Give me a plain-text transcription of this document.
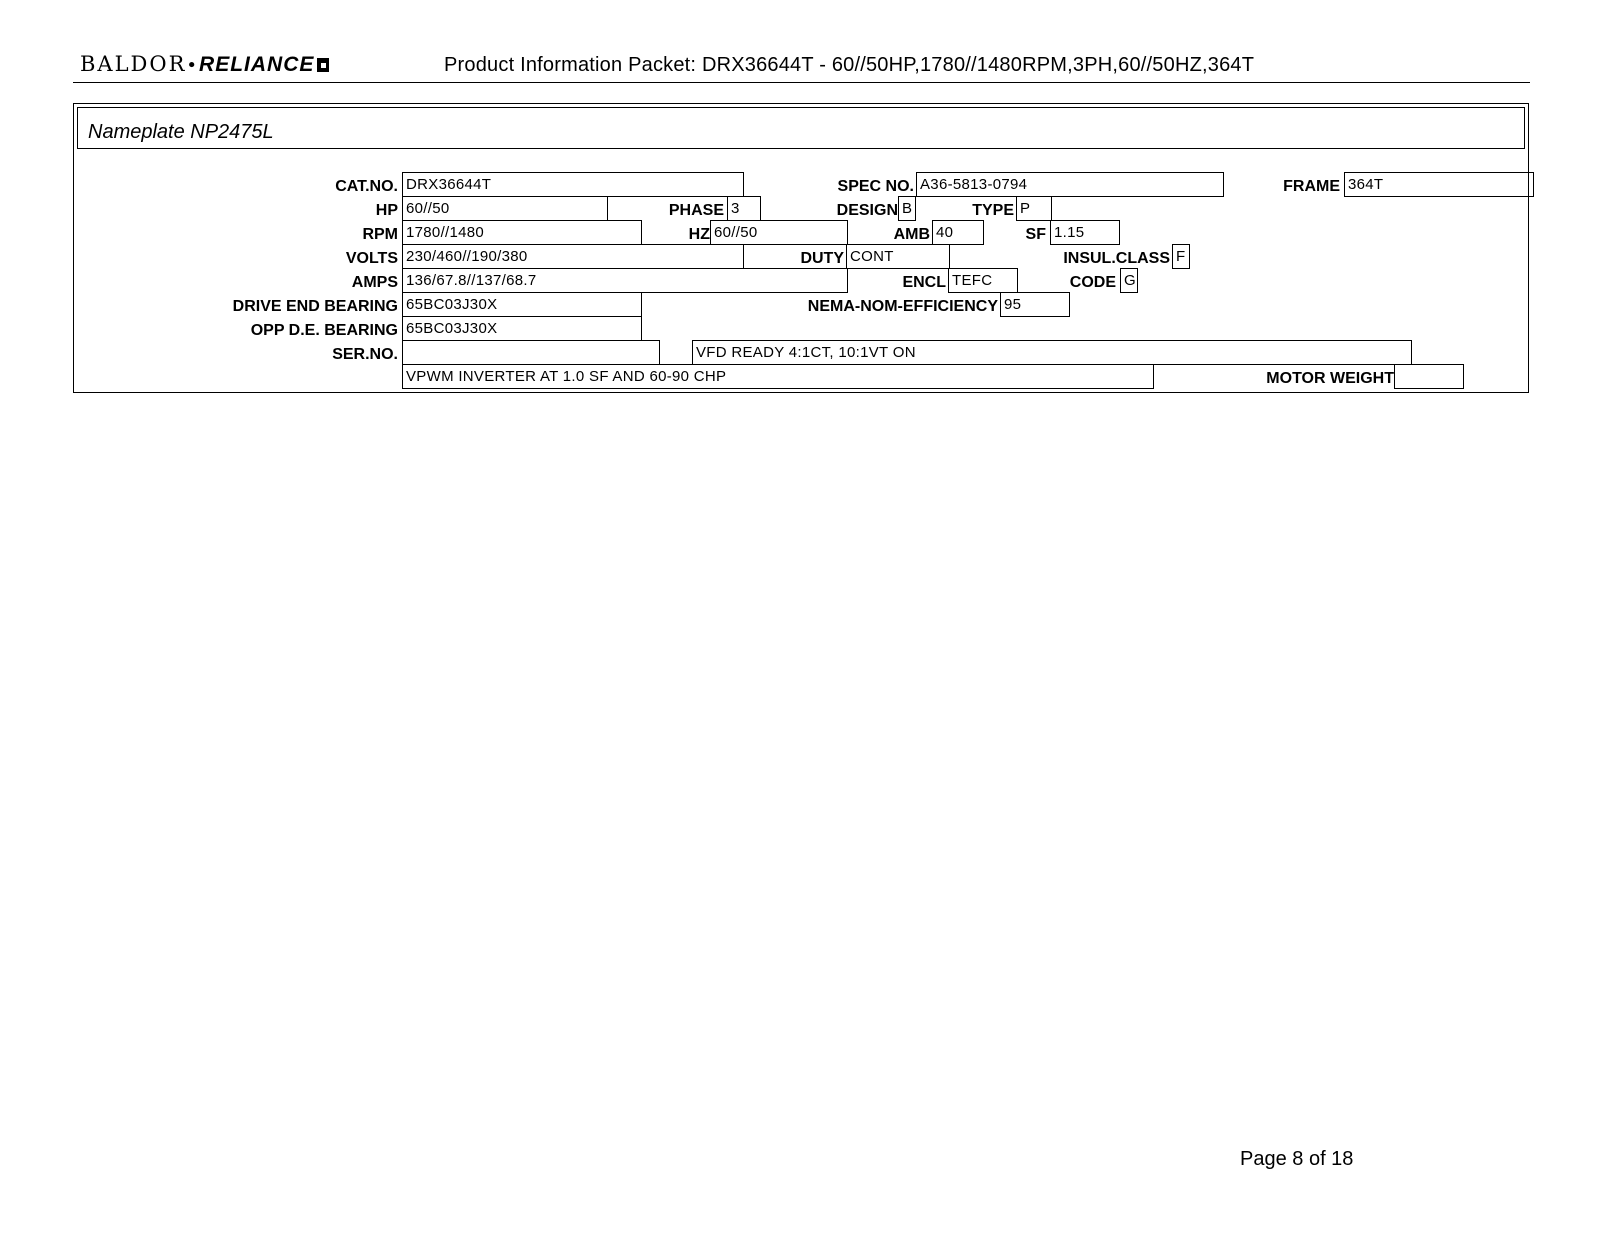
BALDOR•RELIANCE	Product Information Packet: DRX36644T - 60//50HP,1780//1480RPM,3PH,60//50HZ,364T
Nameplate NP2475L
CAT.NO. DRX36644T	SPEC NO. A36-5813-0794	FRAME 364T
HP 60//50	PHASE 3	DESIGN B	TYPE P
RPM 1780//1480	HZ 60//50	AMB 40	SF 1.15
VOLTS 230/460//190/380	DUTY CONT	INSUL.CLASS F
AMPS 136/67.8//137/68.7	ENCL TEFC	CODE G
DRIVE END BEARING 65BC03J30X	NEMA-NOM-EFFICIENCY 95
OPP D.E. BEARING 65BC03J30X
SER.NO.	VFD READY 4:1CT, 10:1VT ON
VPWM INVERTER AT 1.0 SF AND 60-90 CHP	MOTOR WEIGHT
Page 8 of 18
